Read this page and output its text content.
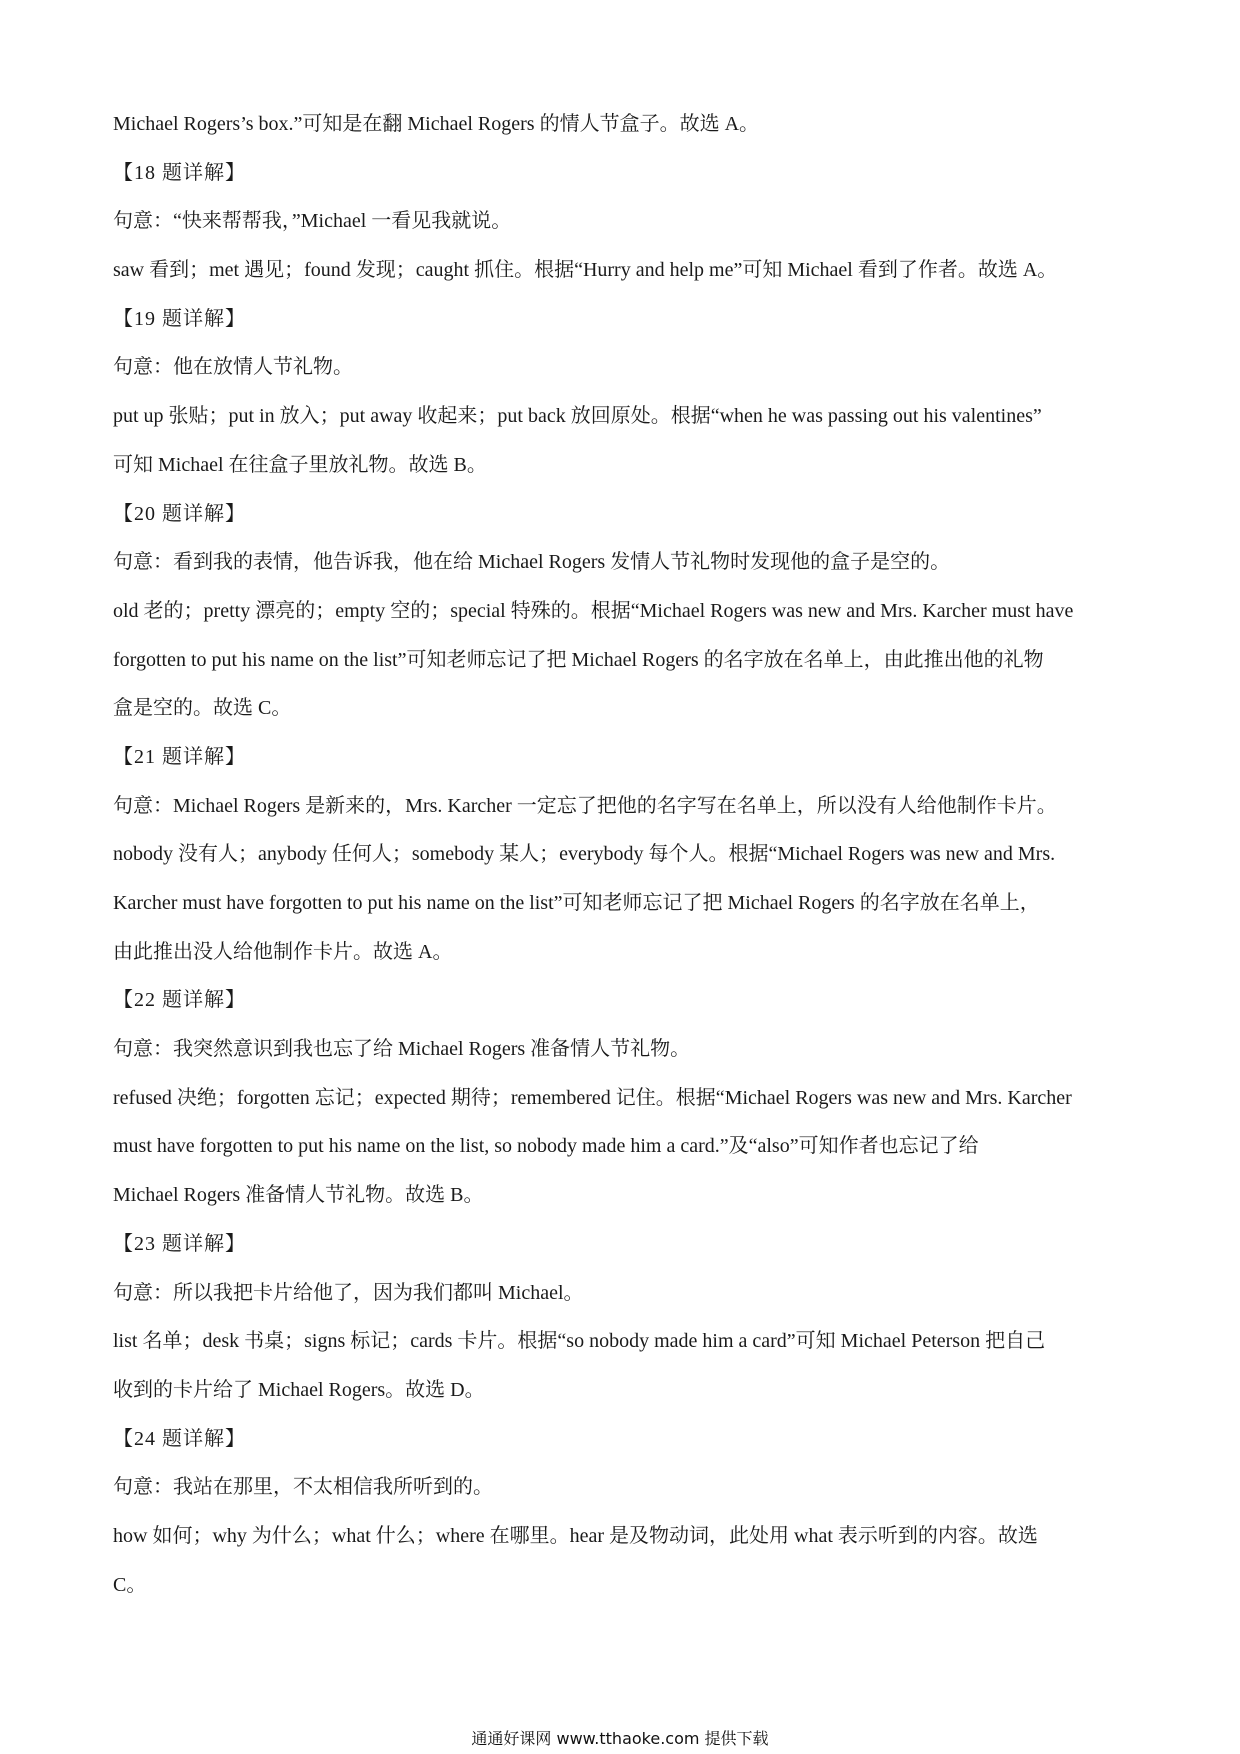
Michael Rogers’s box.”可知是在翻 Michael Rogers 的情人节盒子。故选 A。
【18 题详解】
句意：“快来帮帮我，”Michael 一看见我就说。
saw 看到；met 遇见；found 发现；caught 抓住。根据“Hurry and help me”可知 Michael 看到了作者。故选 A。
【19 题详解】
句意：他在放情人节礼物。
put up 张贴；put in 放入；put away 收起来；put back 放回原处。根据“when he was passing out his valentines”
可知 Michael 在往盒子里放礼物。故选 B。
【20 题详解】
句意：看到我的表情，他告诉我，他在给 Michael Rogers 发情人节礼物时发现他的盒子是空的。
old 老的；pretty 漂亮的；empty 空的；special 特殊的。根据“Michael Rogers was new and Mrs. Karcher must have
forgotten to put his name on the list”可知老师忘记了把 Michael Rogers 的名字放在名单上，由此推出他的礼物
盒是空的。故选 C。
【21 题详解】
句意：Michael Rogers 是新来的，Mrs. Karcher 一定忘了把他的名字写在名单上，所以没有人给他制作卡片。
nobody 没有人；anybody 任何人；somebody 某人；everybody 每个人。根据“Michael Rogers was new and Mrs.
Karcher must have forgotten to put his name on the list”可知老师忘记了把 Michael Rogers 的名字放在名单上，
由此推出没人给他制作卡片。故选 A。
【22 题详解】
句意：我突然意识到我也忘了给 Michael Rogers 准备情人节礼物。
refused 决绝；forgotten 忘记；expected 期待；remembered 记住。根据“Michael Rogers was new and Mrs. Karcher
must have forgotten to put his name on the list, so nobody made him a card.”及“also”可知作者也忘记了给
Michael Rogers 准备情人节礼物。故选 B。
【23 题详解】
句意：所以我把卡片给他了，因为我们都叫 Michael。
list 名单；desk 书桌；signs 标记；cards 卡片。根据“so nobody made him a card”可知 Michael Peterson 把自己
收到的卡片给了 Michael Rogers。故选 D。
【24 题详解】
句意：我站在那里，不太相信我所听到的。
how 如何；why 为什么；what 什么；where 在哪里。hear 是及物动词，此处用 what 表示听到的内容。故选
C。
通通好课网 www.tthaoke.com 提供下载
